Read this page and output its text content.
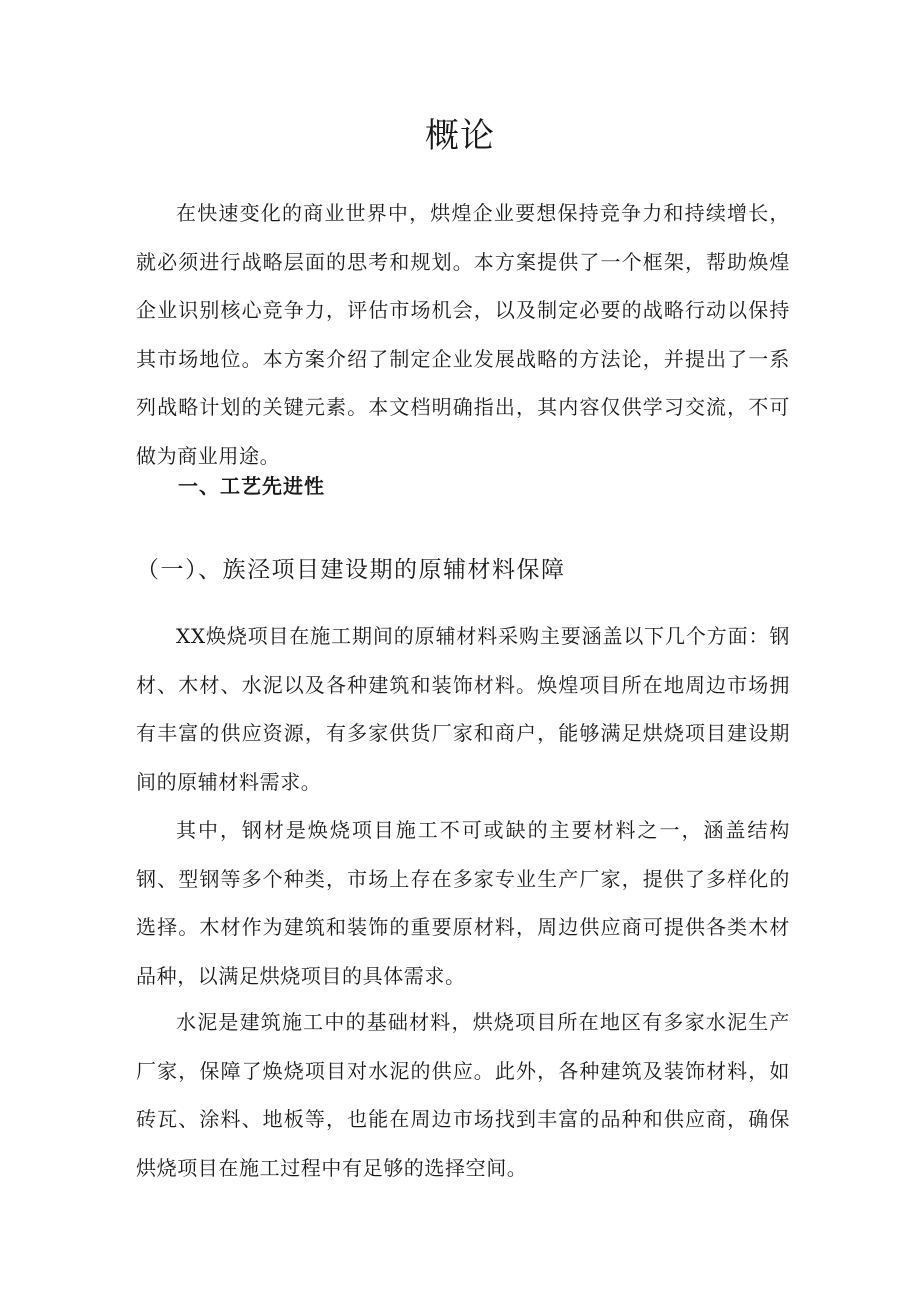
概论

在快速变化的商业世界中，烘煌企业要想保持竞争力和持续增长，就必须进行战略层面的思考和规划。本方案提供了一个框架，帮助焕煌企业识别核心竞争力，评估市场机会，以及制定必要的战略行动以保持其市场地位。本方案介绍了制定企业发展战略的方法论，并提出了一系列战略计划的关键元素。本文档明确指出，其内容仅供学习交流，不可做为商业用途。

一、工艺先进性
（一）、族泾项目建设期的原辅材料保障

XX焕烧项目在施工期间的原辅材料采购主要涵盖以下几个方面：钢材、木材、水泥以及各种建筑和装饰材料。焕煌项目所在地周边市场拥有丰富的供应资源，有多家供货厂家和商户，能够满足烘烧项目建设期间的原辅材料需求。

其中，钢材是焕烧项目施工不可或缺的主要材料之一，涵盖结构钢、型钢等多个种类，市场上存在多家专业生产厂家，提供了多样化的选择。木材作为建筑和装饰的重要原材料，周边供应商可提供各类木材品种，以满足烘烧项目的具体需求。

水泥是建筑施工中的基础材料，烘烧项目所在地区有多家水泥生产厂家，保障了焕烧项目对水泥的供应。此外，各种建筑及装饰材料，如砖瓦、涂料、地板等，也能在周边市场找到丰富的品种和供应商，确保烘烧项目在施工过程中有足够的选择空间。
